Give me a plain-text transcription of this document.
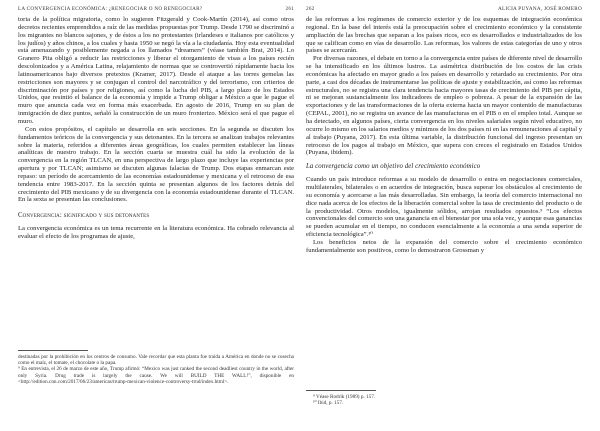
LA CONVERGENCIA ECONÓMICA: ¿RENEGOCIAR O NO RENEGOCIAR?	261

toria de la política migratoria, como lo sugieren Fitzgerald y Cook-Martín (2014), así como otros decretos recientes emprendidos a raíz de las medidas propuestas por Trump. Desde 1790 se discriminó a los migrantes no blancos sajones, y de éstos a los no protestantes (irlandeses e italianos por católicos y los judíos) y años chinos, a los cuales y hasta 1950 se negó la vía a la ciudadanía. Hoy esta eventualidad está amenazando y posiblemente negada a los llamados “dreamers” (véase también Brat, 2014). Lo Granero Pita obligó a reducir las restricciones y liberar el otorgamiento de visas a los países recién descolonizados y a América Latina, relajamiento de normas que se controvertió rápidamente hacia los latinoamericanos bajo diversos pretextos (Kramer, 2017). Desde el ataque a las torres gemelas las restricciones son mayores y se conjugan el control del narcotráfico y del terrorismo, con criterios de discriminación por países y por religiones, así como la lucha del PIB, a largo plazo de los Estados Unidos, que resintió el balance de la economía y impide a Trump obligar a México a que le pague el muro que anuncia cada vez en forma más exacerbada. En agosto de 2016, Trump en su plan de inmigración de diez puntos, señaló la construcción de un muro fronterizo. México será el que pague el muro.

Con estos propósitos, el capítulo se desarrolla en seis secciones. En la segunda se discuten los fundamentos teóricos de la convergencia y sus detonantes. En la tercera se analizan trabajos relevantes sobre la materia, referidos a diferentes áreas geográficas, los cuales permiten establecer las líneas analíticas de nuestro trabajo. En la sección cuarta se muestra cuál ha sido la evolución de la convergencia en la región TLCAN, en una perspectiva de largo plazo que incluye las experiencias por apertura y por TLCAN; asimismo se discuten algunas falacias de Trump. Dos etapas enmarcan este repaso: un período de acercamiento de las economías estadounidense y mexicana y el retroceso de esa tendencia entre 1983-2017. En la sección quinta se presentan algunos de los factores detrás del crecimiento del PIB mexicano y de su divergencia con la economía estadounidense durante el TLCAN. En la sexta se presentan las conclusiones.

Convergencia: significado y sus detonantes

La convergencia económica es un tema recurrente en la literatura económica. Ha cobrado relevancia al evaluar el efecto de los programas de ajuste,

destinadas por la prohibición en los centros de consumo. Vale recordar que esta planta fue traída a América en donde no se cosecha como el maíz, el tomate, el chocolate o la papa.

⁹ En entrevista, el 26 de marzo de este año, Trump afirmó: “Mexico was just ranked the second deadliest country in the world, after only Syria. Drug trade is largely the cause. We will BUILD THE WALL!”, disponible en <http://edition.cnn.com/2017/06/23/americas/trump-mexican-violence-controversy-trnd/index.html>.

262	ALICIA PUYANA, JOSÉ ROMERO

de las reformas a los regímenes de comercio exterior y de los esquemas de integración económica regional. En la base del interés está la preocupación sobre el crecimiento económico y la consistente ampliación de las brechas que separan a los países ricos, eco es desarrollados e industrializados de los que se califican como en vías de desarrollo. Las reformas, los valores de estas categorías de uno y otros países se acercarán.

Por diversas razones, el debate en torno a la convergencia entre países de diferente nivel de desarrollo se ha intensificado en los últimos lustros. La asimétrica distribución de los costos de las crisis económicas ha afectado en mayor grado a los países en desarrollo y retardado su crecimiento. Por otra parte, a casi dos décadas de instrumentarse las políticas de ajuste y estabilización, así como las reformas estructurales, no se registra una clara tendencia hacia mayores tasas de crecimiento del PIB per cápita, ni se mejoran sustancialmente los indicadores de empleo o pobreza. A pesar de la expansión de las exportaciones y de las transformaciones de la oferta externa hacia un mayor contenido de manufacturas (CEPAL, 2001), no se registra un avance de las manufacturas en el PIB o en el empleo total. Aunque se ha detectado, en algunos países, cierta convergencia en los niveles salariales según nivel educativo, no ocurre lo mismo en los salarios medios y mínimos de los dos países ni en las remuneraciones al capital y al trabajo (Puyana, 2017). En esta última variable, la distribución funcional del ingreso presentan un retroceso de los pagos al trabajo en México, que supera con creces el registrado en Estados Unidos (Puyana, ibidem).

La convergencia como un objetivo del crecimiento económico

Cuando un país introduce reformas a su modelo de desarrollo o entra en negociaciones comerciales, multilaterales, bilaterales o en acuerdos de integración, busca superar los obstáculos al crecimiento de su economía y acercarse a las más desarrolladas. Sin embargo, la teoría del comercio internacional no dice nada acerca de los efectos de la liberación comercial sobre la tasa de crecimiento del producto o de la productividad. Otros modelos, igualmente sólidos, arrojan resultados opuestos.⁹ “Los efectos convencionales del comercio son una ganancia en el bienestar por una sola vez, y aunque esas ganancias se pueden acumular en el tiempo, no conducen esencialmente a la economía a una senda superior de eficiencia tecnológica”.¹⁰

Los beneficios netos de la expansión del comercio sobre el crecimiento económico fundamentalmente son positivos, como lo demostraron Grossman y

⁹ Véase Rodrik (1989) p. 157.

¹⁰ Ibid, p. 157.
